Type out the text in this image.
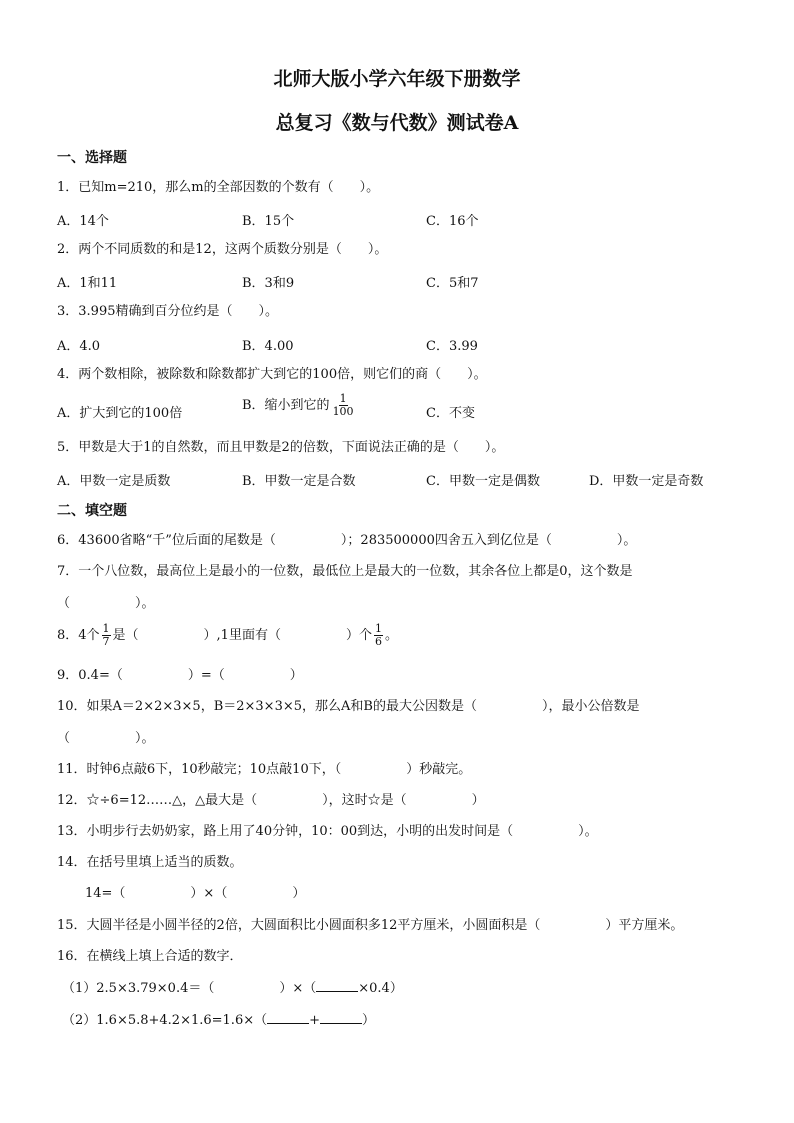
北师大版小学六年级下册数学
总复习《数与代数》测试卷A
一、选择题
1．已知m=210，那么m的全部因数的个数有（　　）。
A．14个	B．15个	C．16个
2．两个不同质数的和是12，这两个质数分别是（　　）。
A．1和11	B．3和9	C．5和7
3．3.995精确到百分位约是（　　）。
A．4.0	B．4.00	C．3.99
4．两个数相除，被除数和除数都扩大到它的100倍，则它们的商（　　）。
A．扩大到它的100倍
B．缩小到它的 $\frac{1}{100}$	C．不变
5．甲数是大于1的自然数，而且甲数是2的倍数，下面说法正确的是（　　）。
A．甲数一定是质数	B．甲数一定是合数	C．甲数一定是偶数	D．甲数一定是奇数
二、填空题
6．43600省略“千”位后面的尾数是（　　　　　）；283500000四舍五入到亿位是（　　　　　）。
7．一个八位数，最高位上是最小的一位数，最低位上是最大的一位数，其余各位上都是0，这个数是
（　　　　　）。
8．4个 $\frac{1}{7}$ 是（　　　　　）,1里面有（　　　　　）个 $\frac{1}{6}$ 。
9．0.4=（　　　　　）=（　　　　　）
10．如果A＝2×2×3×5，B＝2×3×3×5，那么A和B的最大公因数是（　　　　　），最小公倍数是
（　　　　　）。
11．时钟6点敲6下，10秒敲完；10点敲10下，（　　　　　）秒敲完。
12．☆÷6=12……△，△最大是（　　　　　），这时☆是（　　　　　）
13．小明步行去奶奶家，路上用了40分钟，10：00到达，小明的出发时间是（　　　　　）。
14．在括号里填上适当的质数。
14=（　　　　　）×（　　　　　）
15．大圆半径是小圆半径的2倍，大圆面积比小圆面积多12平方厘米，小圆面积是（　　　　　）平方厘米。
16．在横线上填上合适的数字．
（1）2.5×3.79×0.4＝（　　　　　）×（	×0.4）
（2）1.6×5.8+4.2×1.6=1.6×（	+	）
